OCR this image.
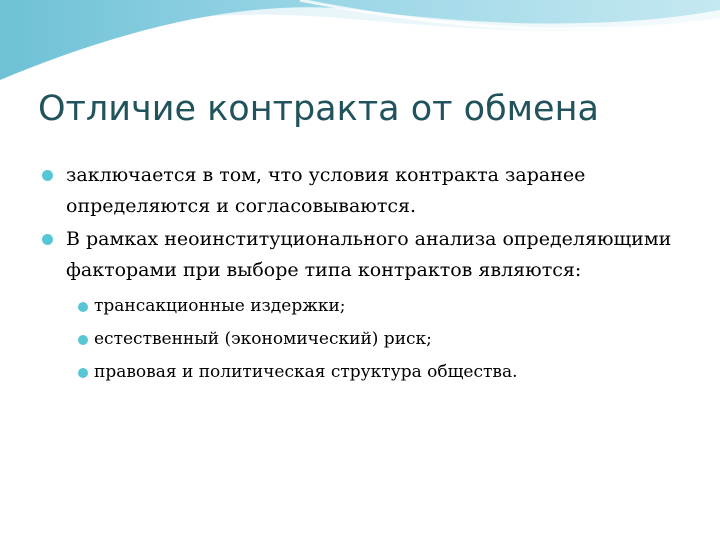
Отличие контракта от обмена
заключается в том, что условия контракта заранее определяются и согласовываются.
В рамках неоинституционального анализа определяющими факторами при выборе типа контрактов являются:
трансакционные издержки;
естественный (экономический) риск;
правовая и политическая структура общества.
